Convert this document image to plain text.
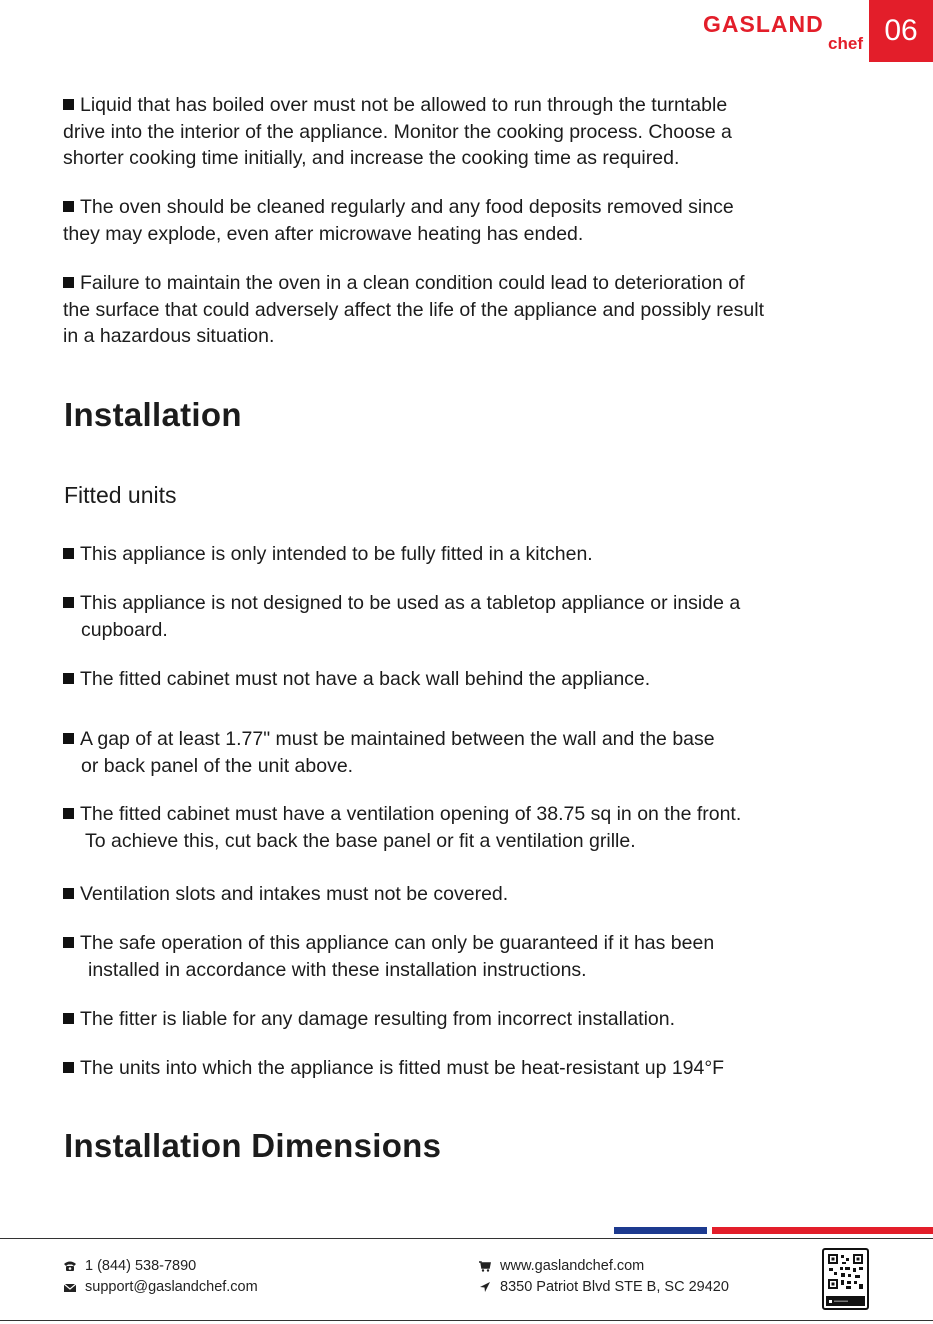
GASLAND
chef 06
Liquid that has boiled over must not be allowed to run through the turntable
drive into the interior of the appliance. Monitor the cooking process. Choose a
shorter cooking time initially, and increase the cooking time as required.
The oven should be cleaned regularly and any food deposits removed since
they may explode, even after microwave heating has ended.
Failure to maintain the oven in a clean condition could lead to deterioration of
the surface that could adversely affect the life of the appliance and possibly result
in a hazardous situation.
Installation
Fitted units
This appliance is only intended to be fully fitted in a kitchen.
This appliance is not designed to be used as a tabletop appliance or inside a
cupboard.
The fitted cabinet must not have a back wall behind the appliance.
A gap of at least 1.77" must be maintained between the wall and the base
or back panel of the unit above.
The fitted cabinet must have a ventilation opening of 38.75 sq in on the front.
To achieve this, cut back the base panel or fit a ventilation grille.
Ventilation slots and intakes must not be covered.
The safe operation of this appliance can only be guaranteed if it has been
installed in accordance with these installation instructions.
The fitter is liable for any damage resulting from incorrect installation.
The units into which the appliance is fitted must be heat-resistant up 194°F
Installation Dimensions
1 (844) 538-7890
support@gaslandchef.com
www.gaslandchef.com
8350 Patriot Blvd STE B, SC 29420
